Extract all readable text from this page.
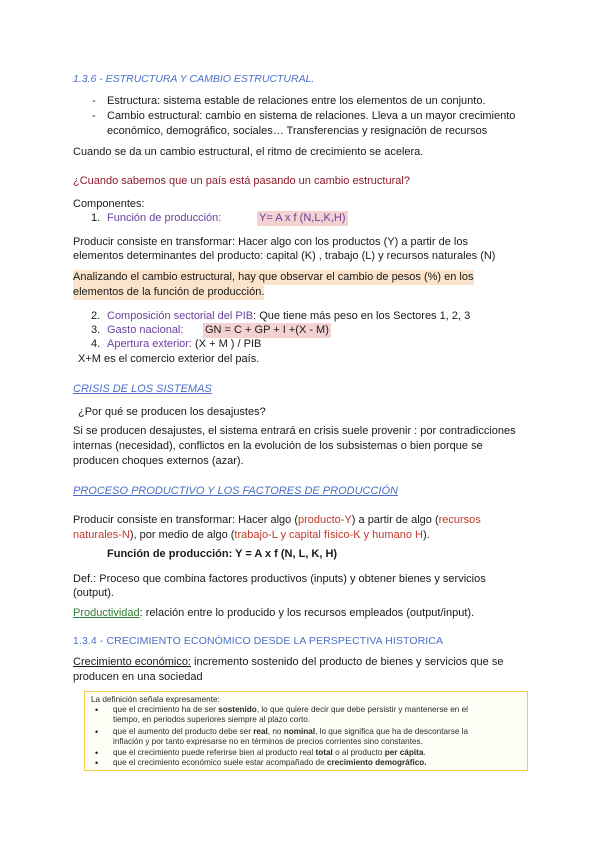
1.3.6 - ESTRUCTURA Y CAMBIO ESTRUCTURAL.
- Estructura: sistema estable de relaciones entre los elementos de un conjunto.
- Cambio estructural: cambio en sistema de relaciones. Lleva a un mayor crecimiento
económico, demográfico, sociales… Transferencias y resignación de recursos
Cuando se da un cambio estructural, el ritmo de crecimiento se acelera.
¿Cuando sabemos que un país está pasando un cambio estructural?
Componentes:
1. Función de producción:	Y= A x f (N,L,K,H)
Producir consiste en transformar: Hacer algo con los productos (Y) a partir de los
elementos determinantes del producto: capital (K) , trabajo (L) y recursos naturales (N)
Analizando el cambio estructural, hay que observar el cambio de pesos (%) en los
elementos de la función de producción.
2. Composición sectorial del PIB: Que tiene más peso en los Sectores 1, 2, 3
3. Gasto nacional: GN = C + GP + I +(X - M)
4. Apertura exterior: (X + M ) / PIB
X+M es el comercio exterior del país.
CRISIS DE LOS SISTEMAS
¿Por qué se producen los desajustes?
Si se producen desajustes, el sistema entrará en crisis suele provenir : por contradicciones
internas (necesidad), conflictos en la evolución de los subsistemas o bien porque se
producen choques externos (azar).
PROCESO PRODUCTIVO Y LOS FACTORES DE PRODUCCIÓN
Producir consiste en transformar: Hacer algo (producto-Y) a partir de algo (recursos
naturales-N), por medio de algo (trabajo-L y capital físico-K y humano H).
Función de producción: Y = A x f (N, L, K, H)
Def.: Proceso que combina factores productivos (inputs) y obtener bienes y servicios
(output).
Productividad: relación entre lo producido y los recursos empleados (output/input).
1.3.4 - CRECIMIENTO ECONÓMICO DESDE LA PERSPECTIVA HISTORICA
Crecimiento económico: incremento sostenido del producto de bienes y servicios que se
producen en una sociedad
La definición señala expresamente:
• que el crecimiento ha de ser sostenido, lo que quiere decir que debe persistir y mantenerse en el
tiempo, en periodos superiores siempre al plazo corto.
• que el aumento del producto debe ser real, no nominal, lo que significa que ha de descontarse la
inflación y por tanto expresarse no en términos de precios corrientes sino constantes.
• que el crecimiento puede referirse bien al producto real total o al producto per cápita.
• que el crecimiento económico suele estar acompañado de crecimiento demográfico.
